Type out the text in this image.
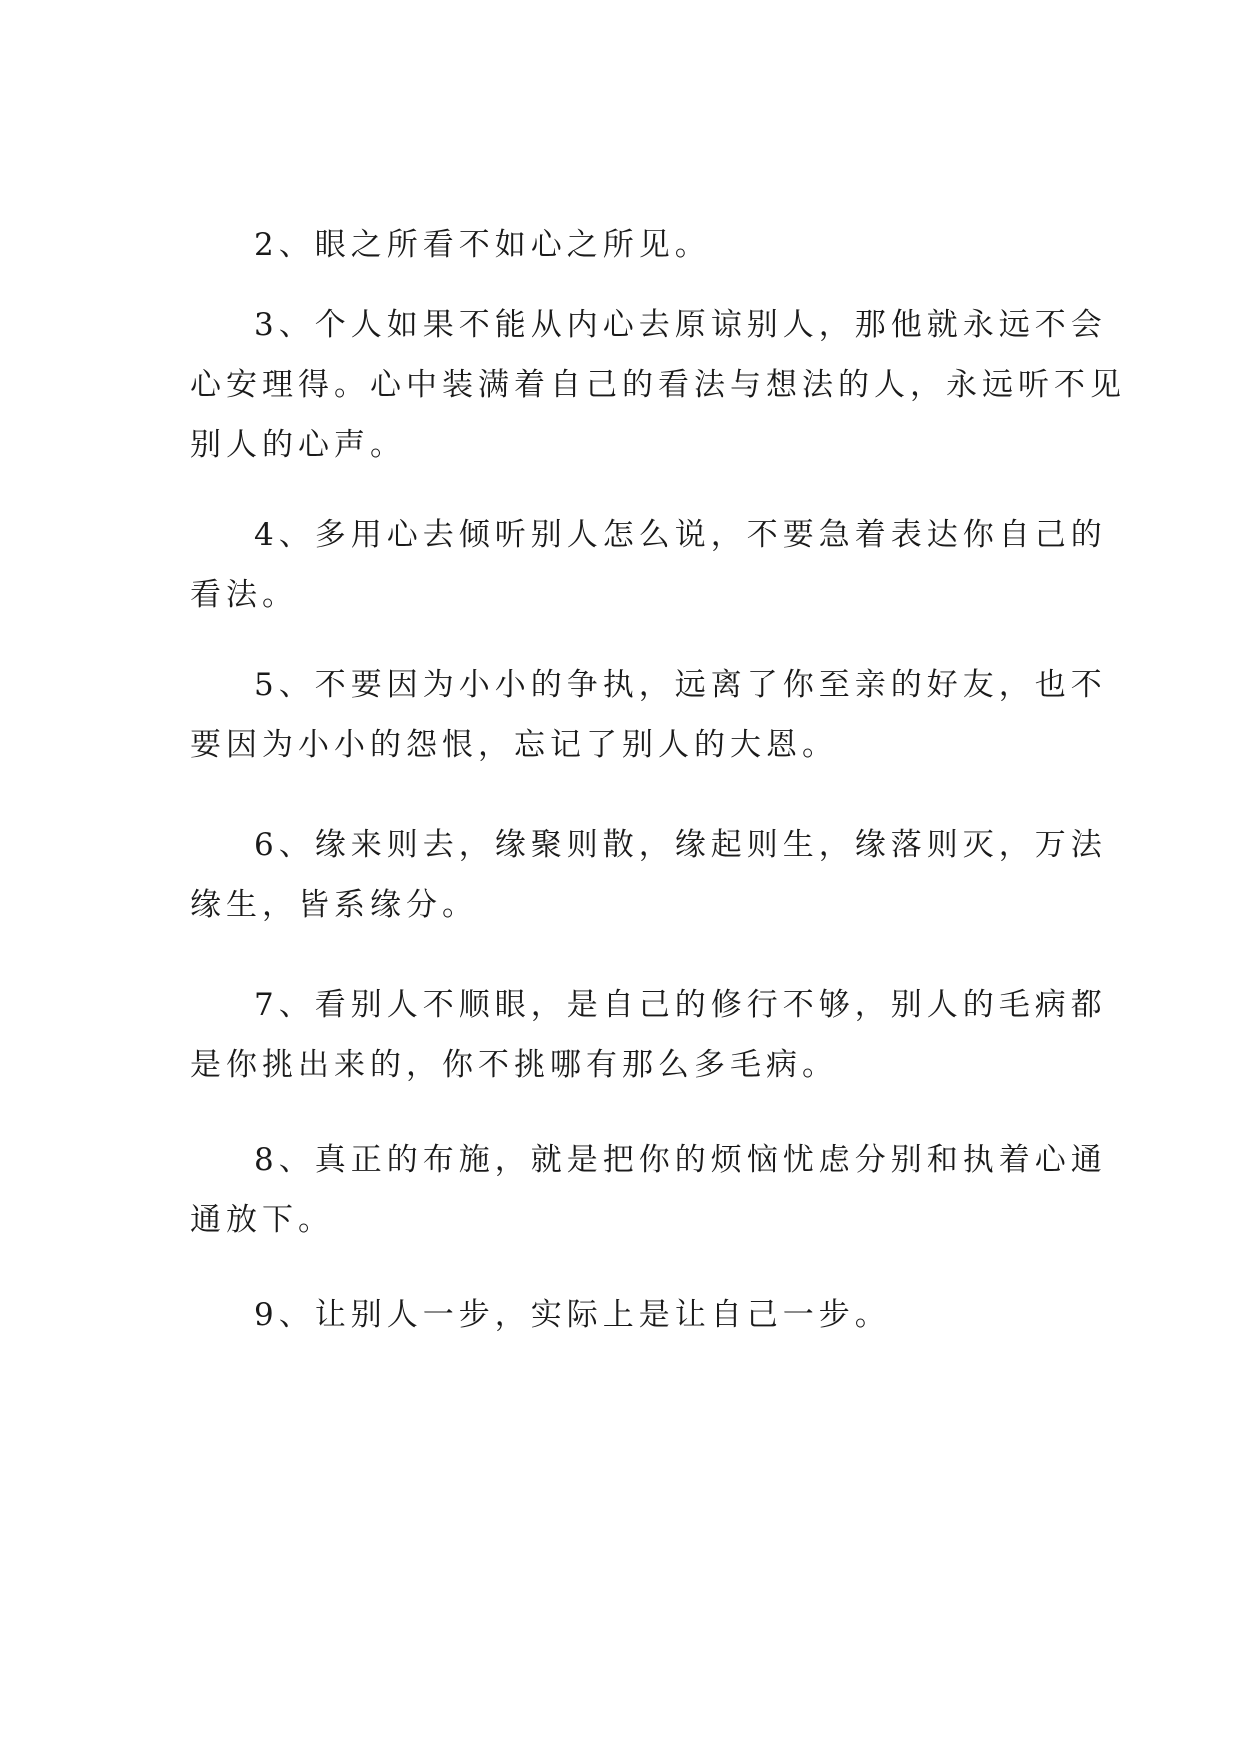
2、眼之所看不如心之所见。
3、个人如果不能从内心去原谅别人，那他就永远不会
心安理得。心中装满着自己的看法与想法的人，永远听不见
别人的心声。
4、多用心去倾听别人怎么说，不要急着表达你自己的
看法。
5、不要因为小小的争执，远离了你至亲的好友，也不
要因为小小的怨恨，忘记了别人的大恩。
6、缘来则去，缘聚则散，缘起则生，缘落则灭，万法
缘生，皆系缘分。
7、看别人不顺眼，是自己的修行不够，别人的毛病都
是你挑出来的，你不挑哪有那么多毛病。
8、真正的布施，就是把你的烦恼忧虑分别和执着心通
通放下。
9、让别人一步，实际上是让自己一步。
